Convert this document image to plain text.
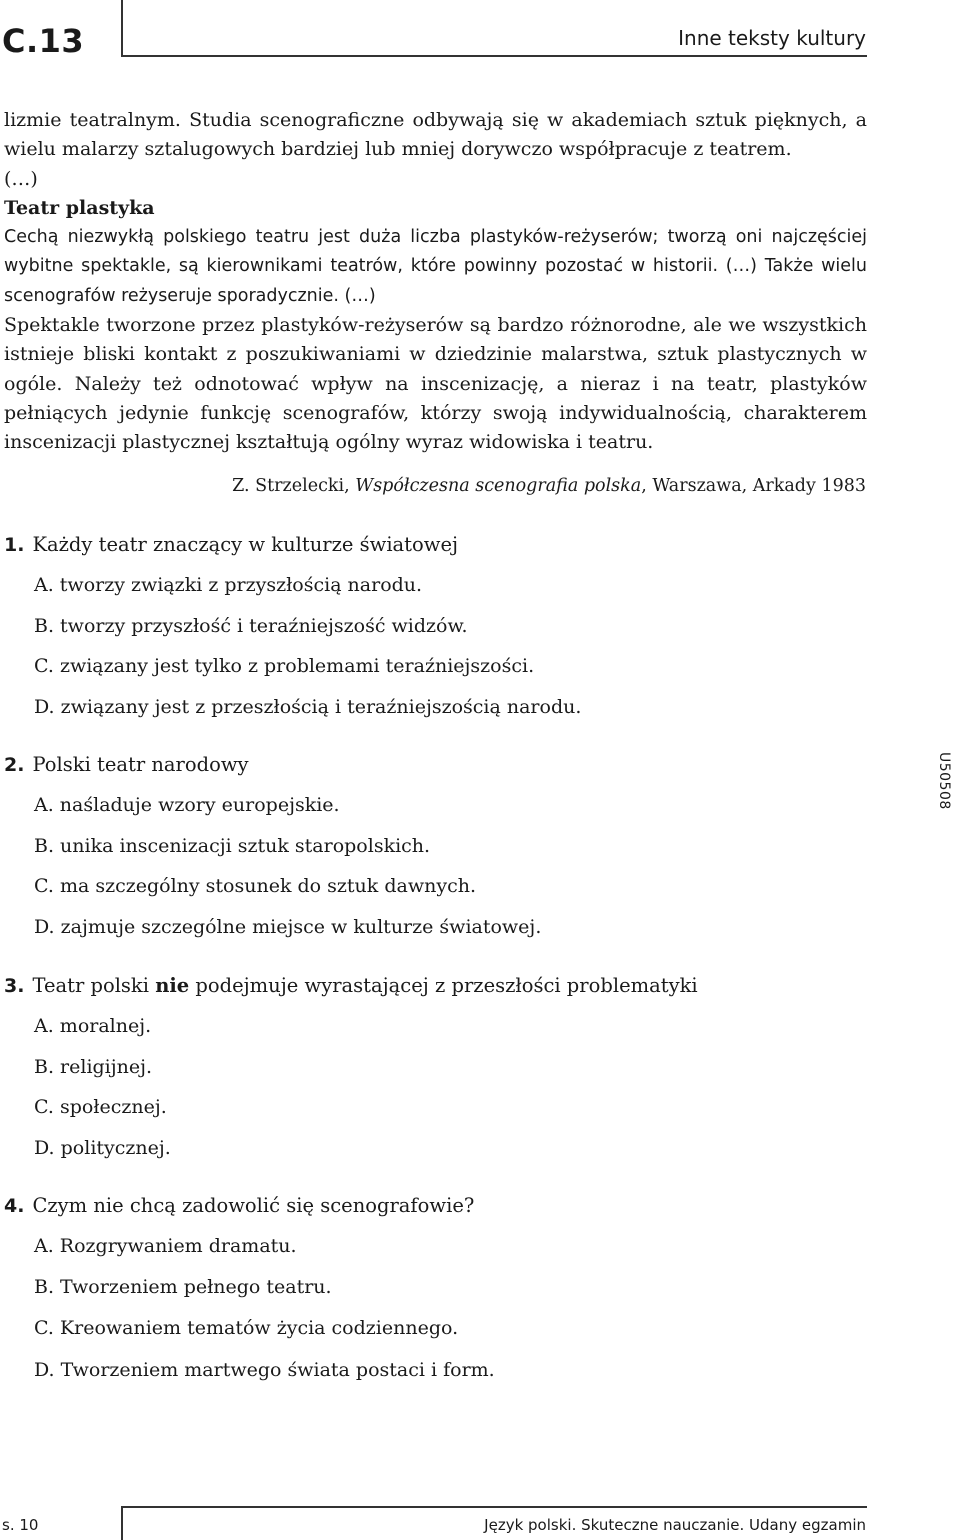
C.13	Inne teksty kultury

lizmie teatralnym. Studia scenograficzne odbywają się w akademiach sztuk pięknych, a wielu malarzy sztalugowych bardziej lub mniej dorywczo współpracuje z teatrem.

(…)

Teatr plastyka

Cechą niezwykłą polskiego teatru jest duża liczba plastyków-reżyserów; tworzą oni najczęściej wybitne spektakle, są kierownikami teatrów, które powinny pozostać w historii. (…) Także wielu scenografów reżyseruje sporadycznie. (…)

Spektakle tworzone przez plastyków-reżyserów są bardzo różnorodne, ale we wszystkich istnieje bliski kontakt z poszukiwaniami w dziedzinie malarstwa, sztuk plastycznych w ogóle. Należy też odnotować wpływ na inscenizację, a nieraz i na teatr, plastyków pełniących jedynie funkcję scenografów, którzy swoją indywidualnością, charakterem inscenizacji plastycznej kształtują ogólny wyraz widowiska i teatru.

Z. Strzelecki, Współczesna scenografia polska, Warszawa, Arkady 1983

1. Każdy teatr znaczący w kulturze światowej

A. tworzy związki z przyszłością narodu.
B. tworzy przyszłość i teraźniejszość widzów.
C. związany jest tylko z problemami teraźniejszości.
D. związany jest z przeszłością i teraźniejszością narodu.

2. Polski teatr narodowy

A. naśladuje wzory europejskie.
B. unika inscenizacji sztuk staropolskich.
C. ma szczególny stosunek do sztuk dawnych.
D. zajmuje szczególne miejsce w kulturze światowej.

3. Teatr polski nie podejmuje wyrastającej z przeszłości problematyki

A. moralnej.
B. religijnej.
C. społecznej.
D. politycznej.

4. Czym nie chcą zadowolić się scenografowie?

A. Rozgrywaniem dramatu.
B. Tworzeniem pełnego teatru.
C. Kreowaniem tematów życia codziennego.
D. Tworzeniem martwego świata postaci i form.
U50508
s. 10	Język polski. Skuteczne nauczanie. Udany egzamin
